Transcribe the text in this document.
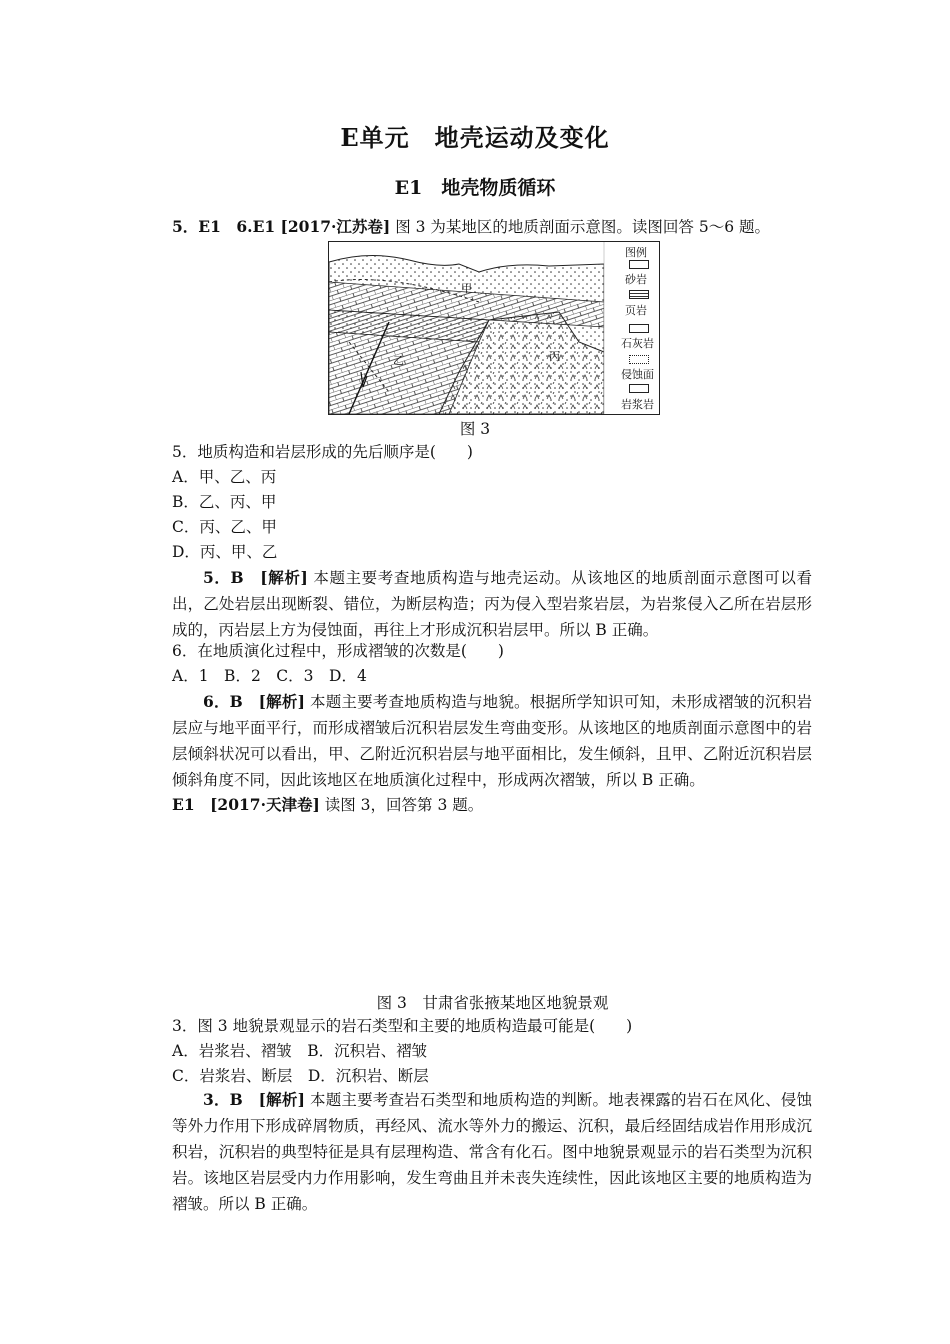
E单元　地壳运动及变化
E1　地壳物质循环
5．E1　6.E1 [2017·江苏卷] 图 3 为某地区的地质剖面示意图。读图回答 5～6 题。
甲
乙	丙
图例
砂岩
页岩
石灰岩
侵蚀面
岩浆岩
图 3
5．地质构造和岩层形成的先后顺序是(　　)
A．甲、乙、丙
B．乙、丙、甲
C．丙、乙、甲
D．丙、甲、乙
5．B　[解析] 本题主要考查地质构造与地壳运动。从该地区的地质剖面示意图可以看出，乙处岩层出现断裂、错位，为断层构造；丙为侵入型岩浆岩层，为岩浆侵入乙所在岩层形成的，丙岩层上方为侵蚀面，再往上才形成沉积岩层甲。所以 B 正确。
6．在地质演化过程中，形成褶皱的次数是(　　)
A．1　B．2　C．3　D．4
6．B　[解析] 本题主要考查地质构造与地貌。根据所学知识可知，未形成褶皱的沉积岩层应与地平面平行，而形成褶皱后沉积岩层发生弯曲变形。从该地区的地质剖面示意图中的岩层倾斜状况可以看出，甲、乙附近沉积岩层与地平面相比，发生倾斜，且甲、乙附近沉积岩层倾斜角度不同，因此该地区在地质演化过程中，形成两次褶皱，所以 B 正确。
E1　[2017·天津卷] 读图 3，回答第 3 题。
图 3　甘肃省张掖某地区地貌景观
3．图 3 地貌景观显示的岩石类型和主要的地质构造最可能是(　　)
A．岩浆岩、褶皱　B．沉积岩、褶皱
C．岩浆岩、断层　D．沉积岩、断层
3．B　[解析] 本题主要考查岩石类型和地质构造的判断。地表裸露的岩石在风化、侵蚀等外力作用下形成碎屑物质，再经风、流水等外力的搬运、沉积，最后经固结成岩作用形成沉积岩，沉积岩的典型特征是具有层理构造、常含有化石。图中地貌景观显示的岩石类型为沉积岩。该地区岩层受内力作用影响，发生弯曲且并未丧失连续性，因此该地区主要的地质构造为褶皱。所以 B 正确。
